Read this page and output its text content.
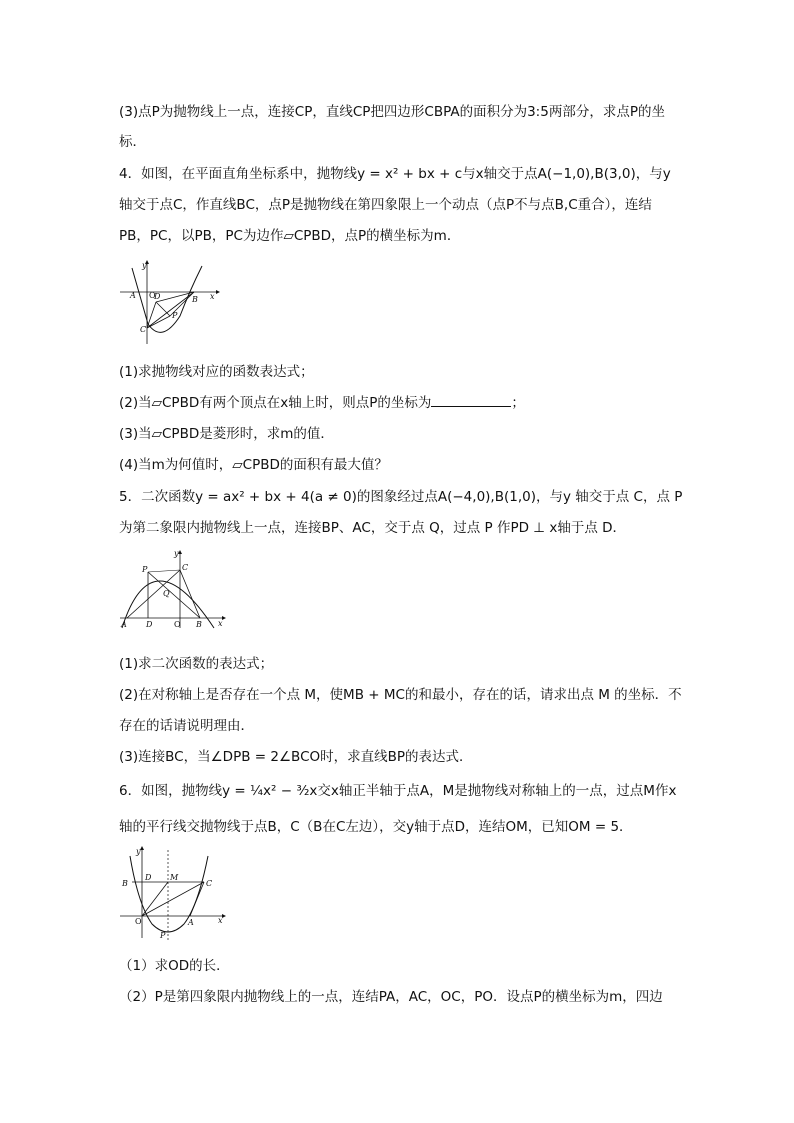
(3)点P为抛物线上一点，连接CP，直线CP把四边形CBPA的面积分为3:5两部分，求点P的坐
标．
4．如图，在平面直角坐标系中，抛物线y = x² + bx + c与x轴交于点A(−1,0),B(3,0)，与y
轴交于点C，作直线BC，点P是抛物线在第四象限上一个动点（点P不与点B,C重合），连结
PB，PC，以PB，PC为边作▱CPBD，点P的横坐标为m．
y
A O	B x
D
C
P
(1)求抛物线对应的函数表达式；
(2)当▱CPBD有两个顶点在x轴上时，则点P的坐标为	；
(3)当▱CPBD是菱形时，求m的值．
(4)当m为何值时，▱CPBD的面积有最大值？
5．二次函数y = ax² + bx + 4(a ≠ 0)的图象经过点A(−4,0),B(1,0)，与y 轴交于点 C，点 P
为第二象限内抛物线上一点，连接BP、AC，交于点 Q，过点 P 作PD ⊥ x轴于点 D．
y
P	C
Q
A D	O B x
(1)求二次函数的表达式；
(2)在对称轴上是否存在一个点 M，使MB + MC的和最小，存在的话，请求出点 M 的坐标．不
存在的话请说明理由．
(3)连接BC，当∠DPB = 2∠BCO时，求直线BP的表达式．
6．如图，抛物线y = ¼x² − ³⁄₂x交x轴正半轴于点A，M是抛物线对称轴上的一点，过点M作x
轴的平行线交抛物线于点B，C（B在C左边），交y轴于点D，连结OM，已知OM = 5．
y
D M
C
B
O	A	x
P
（1）求OD的长．
（2）P是第四象限内抛物线上的一点，连结PA，AC，OC，PO．设点P的横坐标为m，四边
